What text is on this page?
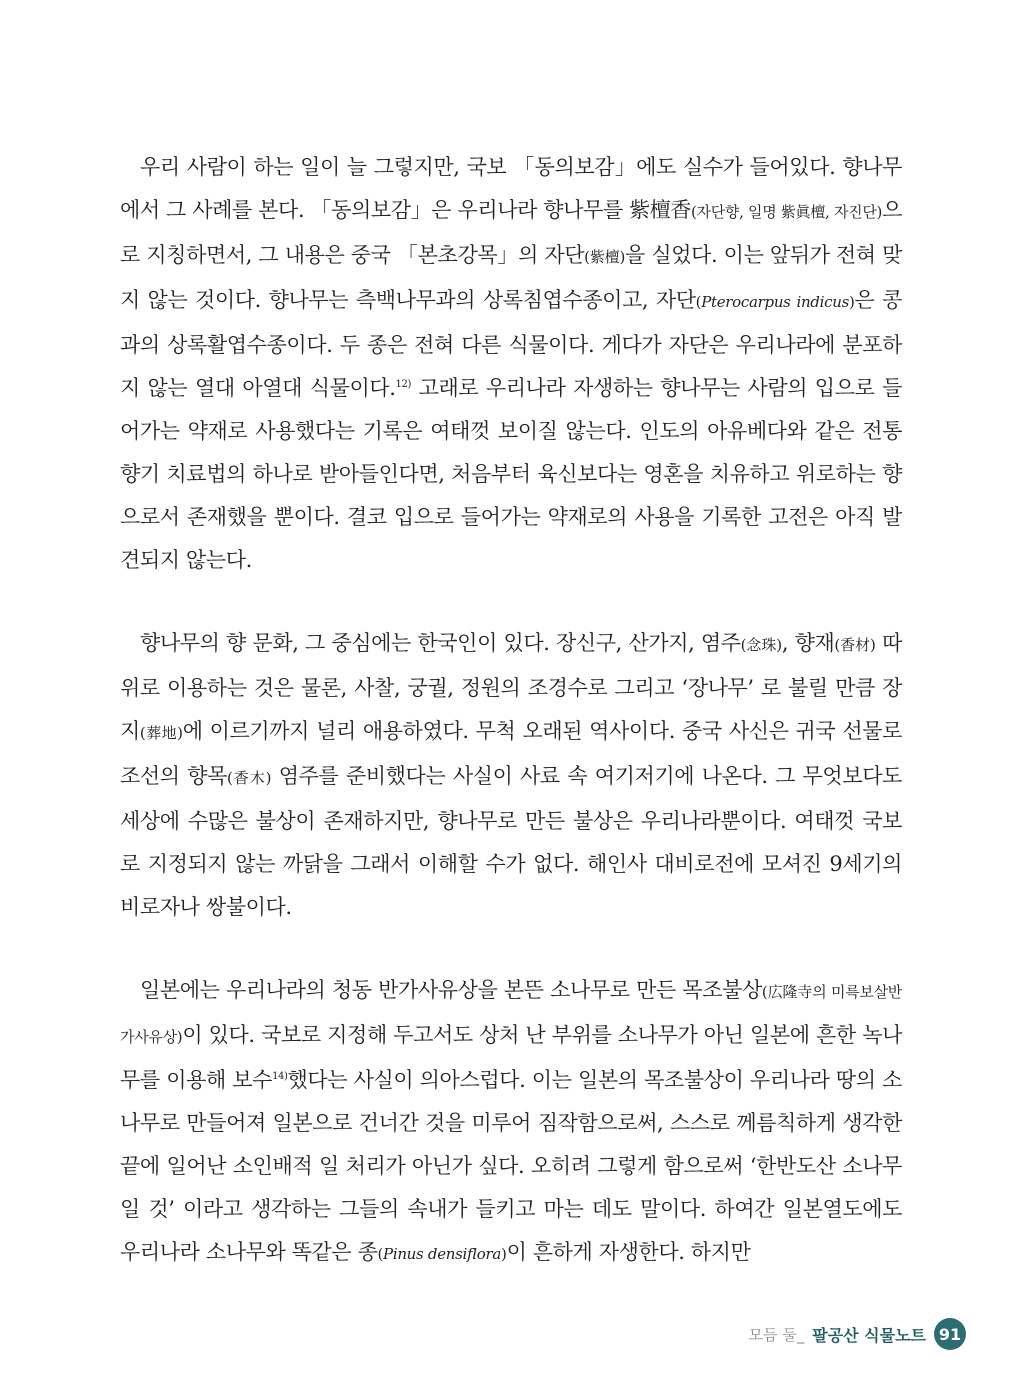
우리 사람이 하는 일이 늘 그렇지만, 국보 「동의보감」에도 실수가 들어있다. 향나무에서 그 사례를 본다. 「동의보감」은 우리나라 향나무를 紫檀香(자단향, 일명 紫眞檀, 자진단)으로 지칭하면서, 그 내용은 중국 「본초강목」의 자단(紫檀)을 실었다. 이는 앞뒤가 전혀 맞지 않는 것이다. 향나무는 측백나무과의 상록침엽수종이고, 자단(Pterocarpus indicus)은 콩과의 상록활엽수종이다. 두 종은 전혀 다른 식물이다. 게다가 자단은 우리나라에 분포하지 않는 열대 아열대 식물이다.$^{12)}$ 고래로 우리나라 자생하는 향나무는 사람의 입으로 들어가는 약재로 사용했다는 기록은 여태껏 보이질 않는다. 인도의 아유베다와 같은 전통 향기 치료법의 하나로 받아들인다면, 처음부터 육신보다는 영혼을 치유하고 위로하는 향으로서 존재했을 뿐이다. 결코 입으로 들어가는 약재로의 사용을 기록한 고전은 아직 발견되지 않는다.

향나무의 향 문화, 그 중심에는 한국인이 있다. 장신구, 산가지, 염주(念珠), 향재(香材) 따위로 이용하는 것은 물론, 사찰, 궁궐, 정원의 조경수로 그리고 ‘장나무’ 로 불릴 만큼 장지(葬地)에 이르기까지 널리 애용하였다. 무척 오래된 역사이다. 중국 사신은 귀국 선물로 조선의 향목(香木) 염주를 준비했다는 사실이 사료 속 여기저기에 나온다. 그 무엇보다도 세상에 수많은 불상이 존재하지만, 향나무로 만든 불상은 우리나라뿐이다. 여태껏 국보로 지정되지 않는 까닭을 그래서 이해할 수가 없다. 해인사 대비로전에 모셔진 9세기의 비로자나 쌍불이다.

일본에는 우리나라의 청동 반가사유상을 본뜬 소나무로 만든 목조불상(広隆寺의 미륵보살반가사유상)이 있다. 국보로 지정해 두고서도 상처 난 부위를 소나무가 아닌 일본에 흔한 녹나무를 이용해 보수$^{14)}$했다는 사실이 의아스럽다. 이는 일본의 목조불상이 우리나라 땅의 소나무로 만들어져 일본으로 건너간 것을 미루어 짐작함으로써, 스스로 께름칙하게 생각한 끝에 일어난 소인배적 일 처리가 아닌가 싶다. 오히려 그렇게 함으로써 ‘한반도산 소나무일 것’ 이라고 생각하는 그들의 속내가 들키고 마는 데도 말이다. 하여간 일본열도에도 우리나라 소나무와 똑같은 종(Pinus densiflora)이 흔하게 자생한다. 하지만

모듬 둘_ 팔공산 식물노트 91
